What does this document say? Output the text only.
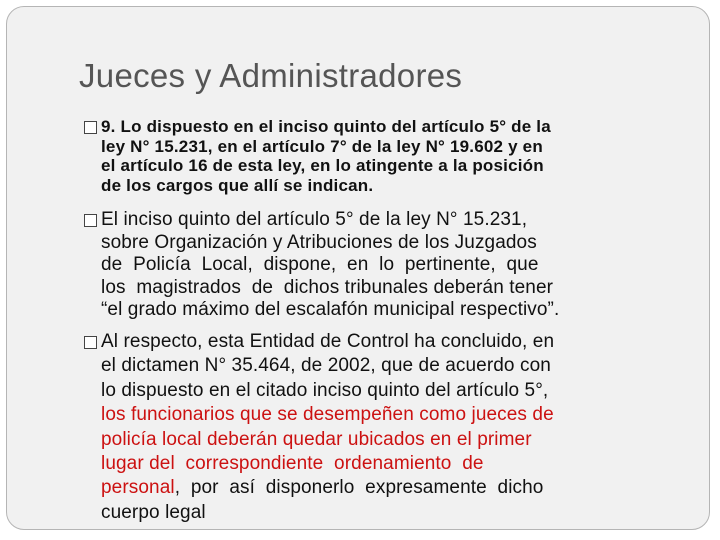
Jueces y Administradores
9. Lo dispuesto en el inciso quinto del artículo 5° de la
ley N° 15.231, en el artículo 7° de la ley N° 19.602 y en
el artículo 16 de esta ley, en lo atingente a la posición
de los cargos que allí se indican.
El inciso quinto del artículo 5° de la ley N° 15.231,
sobre Organización y Atribuciones de los Juzgados
de  Policía  Local,  dispone,  en  lo  pertinente,  que
los  magistrados  de  dichos tribunales deberán tener
“el grado máximo del escalafón municipal respectivo”.
Al respecto, esta Entidad de Control ha concluido, en
el dictamen N° 35.464, de 2002, que de acuerdo con
lo dispuesto en el citado inciso quinto del artículo 5°,
los funcionarios que se desempeñen como jueces de
policía local deberán quedar ubicados en el primer
lugar del  correspondiente  ordenamiento  de
personal,  por  así  disponerlo  expresamente  dicho
cuerpo legal
